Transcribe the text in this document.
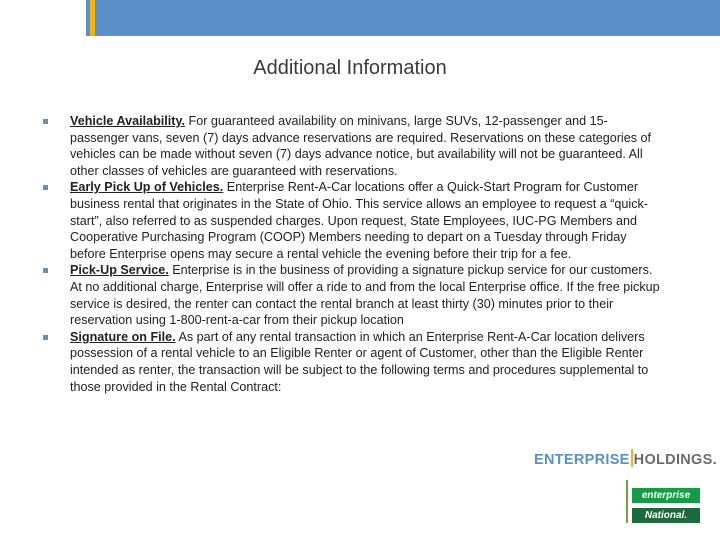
Additional Information
Vehicle Availability. For guaranteed availability on minivans, large SUVs, 12-passenger and 15-passenger vans, seven (7) days advance reservations are required. Reservations on these categories of vehicles can be made without seven (7) days advance notice, but availability will not be guaranteed. All other classes of vehicles are guaranteed with reservations.
Early Pick Up of Vehicles. Enterprise Rent-A-Car locations offer a Quick-Start Program for Customer business rental that originates in the State of Ohio. This service allows an employee to request a “quick-start”, also referred to as suspended charges. Upon request, State Employees, IUC-PG Members and Cooperative Purchasing Program (COOP) Members needing to depart on a Tuesday through Friday before Enterprise opens may secure a rental vehicle the evening before their trip for a fee.
Pick-Up Service. Enterprise is in the business of providing a signature pickup service for our customers. At no additional charge, Enterprise will offer a ride to and from the local Enterprise office. If the free pickup service is desired, the renter can contact the rental branch at least thirty (30) minutes prior to their reservation using 1-800-rent-a-car from their pickup location
Signature on File. As part of any rental transaction in which an Enterprise Rent-A-Car location delivers possession of a rental vehicle to an Eligible Renter or agent of Customer, other than the Eligible Renter intended as renter, the transaction will be subject to the following terms and procedures supplemental to those provided in the Rental Contract:
ENTERPRISE HOLDINGS.
enterprise
National.
